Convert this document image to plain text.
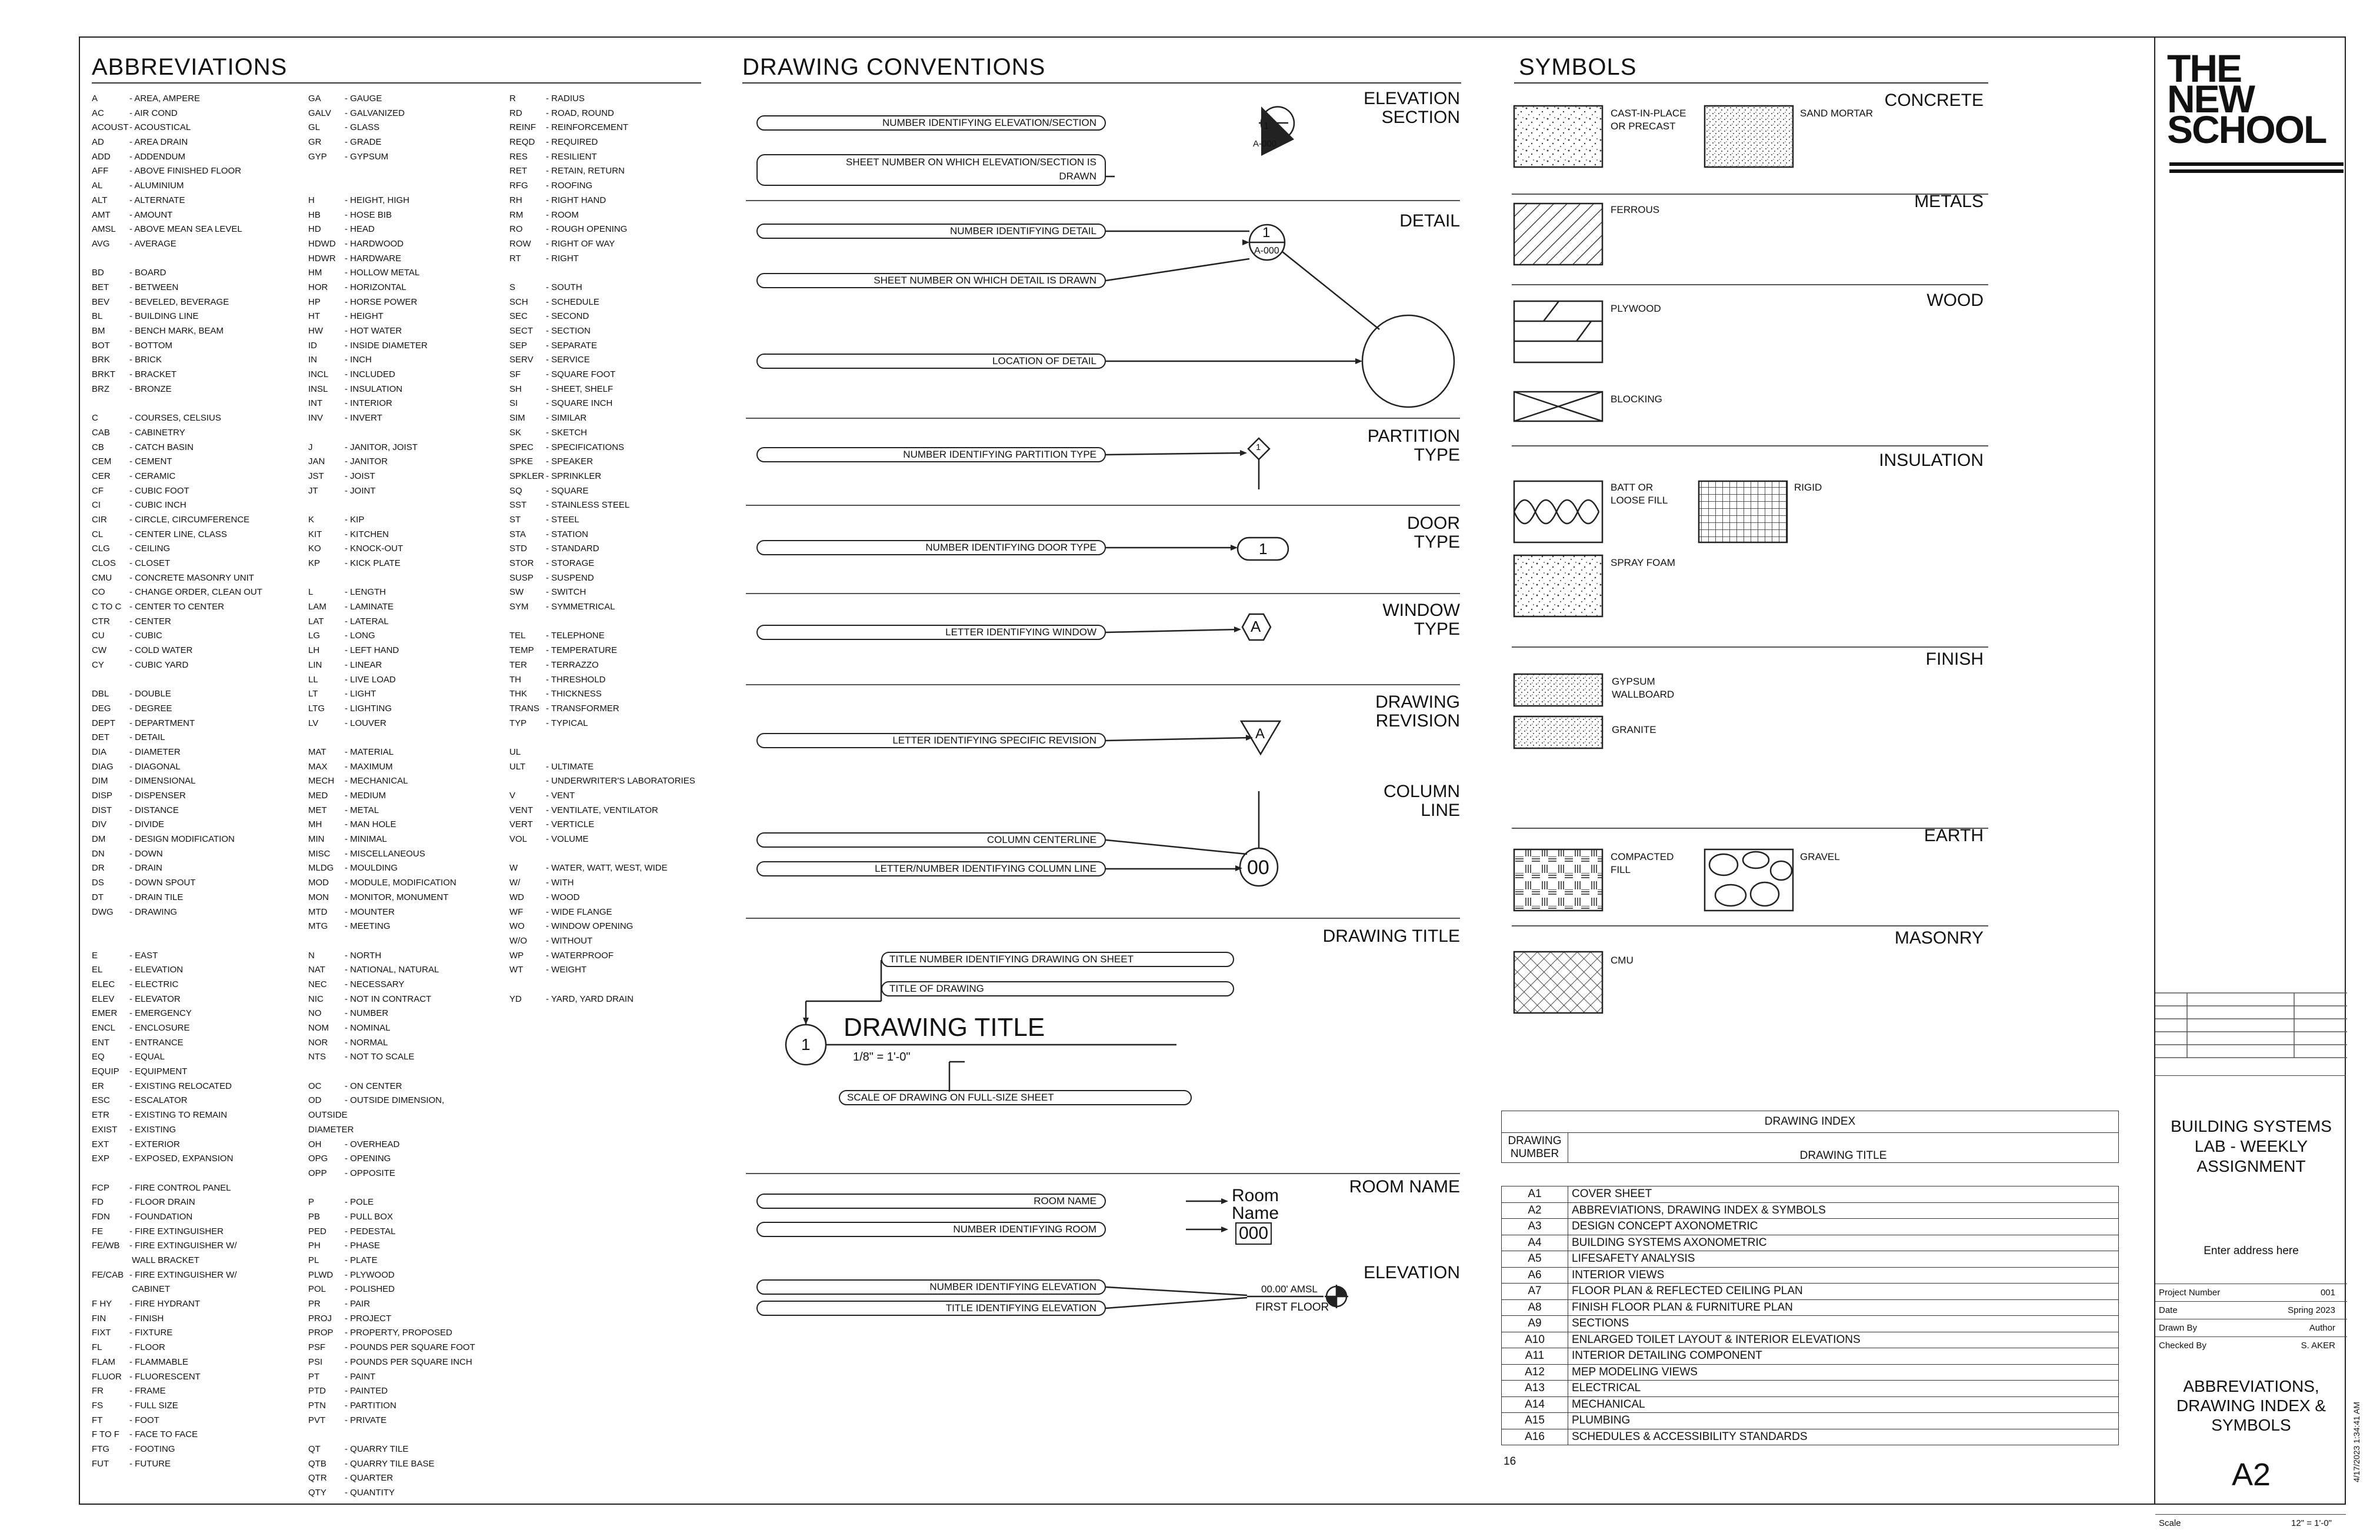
ABBREVIATIONS
A	- AREA, AMPERE
AC	- AIR COND
ACOUST- ACOUSTICAL
AD	- AREA DRAIN
ADD - ADDENDUM
AFF - ABOVE FINISHED FLOOR
AL	- ALUMINIUM
ALT	- ALTERNATE
AMT - AMOUNT
AMSL - ABOVE MEAN SEA LEVEL
AVG - AVERAGE
BD	- BOARD
BET - BETWEEN
BEV - BEVELED, BEVERAGE
BL	- BUILDING LINE
BM	- BENCH MARK, BEAM
BOT - BOTTOM
BRK - BRICK
BRKT - BRACKET
BRZ - BRONZE
C	- COURSES, CELSIUS
CAB - CABINETRY
CB	- CATCH BASIN
CEM - CEMENT
CER - CERAMIC
CF	- CUBIC FOOT
CI	- CUBIC INCH
CIR	- CIRCLE, CIRCUMFERENCE
CL	- CENTER LINE, CLASS
CLG - CEILING
CLOS - CLOSET
CMU - CONCRETE MASONRY UNIT
CO	- CHANGE ORDER, CLEAN OUT
C TO C - CENTER TO CENTER
CTR - CENTER
CU	- CUBIC
CW	- COLD WATER
CY	- CUBIC YARD
DBL - DOUBLE
DEG - DEGREE
DEPT - DEPARTMENT
DET - DETAIL
DIA	- DIAMETER
DIAG - DIAGONAL
DIM - DIMENSIONAL
DISP - DISPENSER
DIST - DISTANCE
DIV	- DIVIDE
DM	- DESIGN MODIFICATION
DN	- DOWN
DR	- DRAIN
DS	- DOWN SPOUT
DT	- DRAIN TILE
DWG - DRAWING
E	- EAST
EL	- ELEVATION
ELEC - ELECTRIC
ELEV - ELEVATOR
EMER - EMERGENCY
ENCL - ENCLOSURE
ENT - ENTRANCE
EQ	- EQUAL
EQUIP - EQUIPMENT
ER	- EXISTING RELOCATED
ESC - ESCALATOR
ETR - EXISTING TO REMAIN
EXIST - EXISTING
EXT - EXTERIOR
EXP - EXPOSED, EXPANSION
FCP - FIRE CONTROL PANEL
FD	- FLOOR DRAIN
FDN - FOUNDATION
FE	- FIRE EXTINGUISHER
FE/WB - FIRE EXTINGUISHER W/
WALL BRACKET
FE/CAB - FIRE EXTINGUISHER W/
CABINET
F HY - FIRE HYDRANT
FIN	- FINISH
FIXT - FIXTURE
FL	- FLOOR
FLAM - FLAMMABLE
FLUOR - FLUORESCENT
FR	- FRAME
FS	- FULL SIZE
FT	- FOOT
F TO F - FACE TO FACE
FTG - FOOTING
FUT - FUTURE
GA	- GAUGE
GALV - GALVANIZED
GL	- GLASS
GR	- GRADE
GYP - GYPSUM
H	- HEIGHT, HIGH
HB	- HOSE BIB
HD	- HEAD
HDWD - HARDWOOD
HDWR - HARDWARE
HM	- HOLLOW METAL
HOR - HORIZONTAL
HP	- HORSE POWER
HT	- HEIGHT
HW - HOT WATER
ID	- INSIDE DIAMETER
IN	- INCH
INCL - INCLUDED
INSL - INSULATION
INT	- INTERIOR
INV - INVERT
J	- JANITOR, JOIST
JAN - JANITOR
JST - JOIST
JT	- JOINT
K	- KIP
KIT	- KITCHEN
KO	- KNOCK-OUT
KP	- KICK PLATE
L	- LENGTH
LAM - LAMINATE
LAT - LATERAL
LG	- LONG
LH	- LEFT HAND
LIN	- LINEAR
LL	- LIVE LOAD
LT	- LIGHT
LTG - LIGHTING
LV	- LOUVER
MAT - MATERIAL
MAX - MAXIMUM
MECH - MECHANICAL
MED - MEDIUM
MET - METAL
MH	- MAN HOLE
MIN - MINIMAL
MISC - MISCELLANEOUS
MLDG - MOULDING
MOD - MODULE, MODIFICATION
MON - MONITOR, MONUMENT
MTD - MOUNTER
MTG - MEETING
N	- NORTH
NAT - NATIONAL, NATURAL
NEC - NECESSARY
NIC - NOT IN CONTRACT
NO	- NUMBER
NOM - NOMINAL
NOR - NORMAL
NTS - NOT TO SCALE
OC	- ON CENTER
OD	- OUTSIDE DIMENSION,
OUTSIDE
DIAMETER
OH	- OVERHEAD
OPG - OPENING
OPP - OPPOSITE
P	- POLE
PB	- PULL BOX
PED - PEDESTAL
PH	- PHASE
PL	- PLATE
PLWD - PLYWOOD
POL - POLISHED
PR	- PAIR
PROJ - PROJECT
PROP - PROPERTY, PROPOSED
PSF - POUNDS PER SQUARE FOOT
PSI	- POUNDS PER SQUARE INCH
PT	- PAINT
PTD - PAINTED
PTN - PARTITION
PVT - PRIVATE
QT	- QUARRY TILE
QTB - QUARRY TILE BASE
QTR - QUARTER
QTY - QUANTITY
R	- RADIUS
RD	- ROAD, ROUND
REINF - REINFORCEMENT
REQD - REQUIRED
RES - RESILIENT
RET - RETAIN, RETURN
RFG - ROOFING
RH	- RIGHT HAND
RM	- ROOM
RO	- ROUGH OPENING
ROW - RIGHT OF WAY
RT	- RIGHT
S	- SOUTH
SCH - SCHEDULE
SEC - SECOND
SECT - SECTION
SEP - SEPARATE
SERV - SERVICE
SF	- SQUARE FOOT
SH	- SHEET, SHELF
SI	- SQUARE INCH
SIM - SIMILAR
SK	- SKETCH
SPEC - SPECIFICATIONS
SPKE - SPEAKER
SPKLER - SPRINKLER
SQ	- SQUARE
SST - STAINLESS STEEL
ST	- STEEL
STA - STATION
STD - STANDARD
STOR - STORAGE
SUSP - SUSPEND
SW	- SWITCH
SYM - SYMMETRICAL
TEL - TELEPHONE
TEMP - TEMPERATURE
TER - TERRAZZO
TH	- THRESHOLD
THK - THICKNESS
TRANS - TRANSFORMER
TYP - TYPICAL
UL
ULT - ULTIMATE
- UNDERWRITER'S LABORATORIES
V	- VENT
VENT - VENTILATE, VENTILATOR
VERT - VERTICLE
VOL - VOLUME
W	- WATER, WATT, WEST, WIDE
W/	- WITH
WD - WOOD
WF	- WIDE FLANGE
WO - WINDOW OPENING
W/O - WITHOUT
WP	- WATERPROOF
WT	- WEIGHT
YD	- YARD, YARD DRAIN
DRAWING CONVENTIONS
ELEVATION
SECTION
NUMBER IDENTIFYING ELEVATION/SECTION
SHEET NUMBER ON WHICH ELEVATION/SECTION IS
DRAWN
1
A-000
DETAIL
NUMBER IDENTIFYING DETAIL
SHEET NUMBER ON WHICH DETAIL IS DRAWN
LOCATION OF DETAIL
1
A-000
PARTITION
TYPE
NUMBER IDENTIFYING PARTITION TYPE
1
DOOR
TYPE
NUMBER IDENTIFYING DOOR TYPE	1
WINDOW
TYPE
LETTER IDENTIFYING WINDOW	A
DRAWING
REVISION
LETTER IDENTIFYING SPECIFIC REVISION	A
COLUMN
LINE
COLUMN CENTERLINE
LETTER/NUMBER IDENTIFYING COLUMN LINE	00
DRAWING TITLE
TITLE NUMBER IDENTIFYING DRAWING ON SHEET
TITLE OF DRAWING
DRAWING TITLE
1
1/8" = 1'-0"
SCALE OF DRAWING ON FULL-SIZE SHEET
ROOM NAME
ROOM NAME
NUMBER IDENTIFYING ROOM
Room
Name
000
ELEVATION
NUMBER IDENTIFYING ELEVATION
TITLE IDENTIFYING ELEVATION
00.00' AMSL
FIRST FLOOR
SYMBOLS
CONCRETE
CAST-IN-PLACE
OR PRECAST
SAND MORTAR
METALS
FERROUS
WOOD
PLYWOOD
BLOCKING
INSULATION
BATT OR
LOOSE FILL
RIGID
SPRAY FOAM
FINISH
GYPSUM
WALLBOARD
GRANITE
EARTH
COMPACTED
FILL
GRAVEL
MASONRY
CMU
DRAWING INDEX

DRAWING
NUMBER	DRAWING TITLE
A1	COVER SHEET
A2	ABBREVIATIONS, DRAWING INDEX & SYMBOLS
A3	DESIGN CONCEPT AXONOMETRIC
A4	BUILDING SYSTEMS AXONOMETRIC
A5	LIFESAFETY ANALYSIS
A6	INTERIOR VIEWS
A7	FLOOR PLAN & REFLECTED CEILING PLAN
A8	FINISH FLOOR PLAN & FURNITURE PLAN
A9	SECTIONS
A10	ENLARGED TOILET LAYOUT & INTERIOR ELEVATIONS
A11	INTERIOR DETAILING COMPONENT
A12	MEP MODELING VIEWS
A13	ELECTRICAL
A14	MECHANICAL
A15	PLUMBING
A16	SCHEDULES & ACCESSIBILITY STANDARDS
16
THE
NEW
SCHOOL
BUILDING SYSTEMS
LAB - WEEKLY
ASSIGNMENT
Enter address here
Project Number	001
Date	Spring 2023
Drawn By	Author
Checked By	S. AKER
ABBREVIATIONS,
DRAWING INDEX &
SYMBOLS
A2
Scale	12" = 1'-0"
4/17/2023 1:34:41 AM
